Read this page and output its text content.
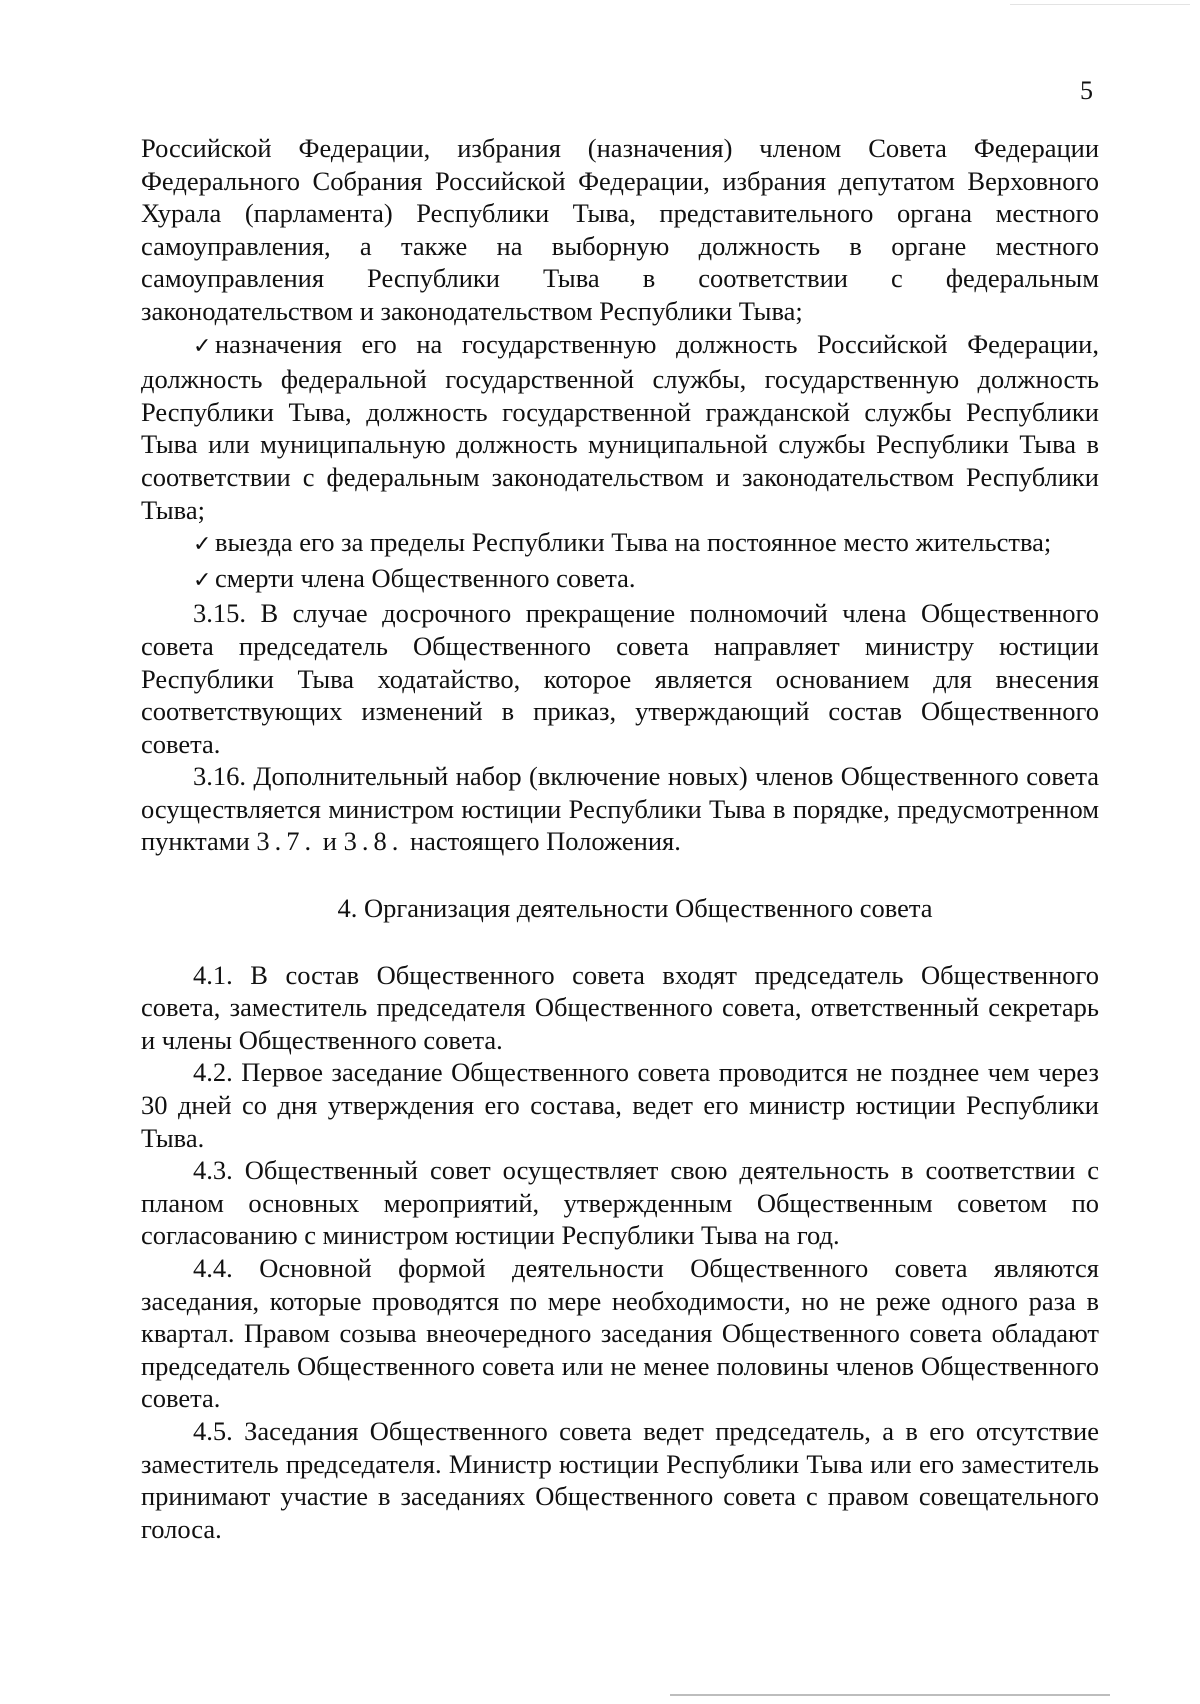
5

Российской Федерации, избрания (назначения) членом Совета Федерации Федерального Собрания Российской Федерации, избрания депутатом Верховного Хурала (парламента) Республики Тыва, представительного органа местного самоуправления, а также на выборную должность в органе местного самоуправления Республики Тыва в соответствии с федеральным законодательством и законодательством Республики Тыва;

✓ назначения его на государственную должность Российской Федерации, должность федеральной государственной службы, государственную должность Республики Тыва, должность государственной гражданской службы Республики Тыва или муниципальную должность муниципальной службы Республики Тыва в соответствии с федеральным законодательством и законодательством Республики Тыва;

✓ выезда его за пределы Республики Тыва на постоянное место жительства;

✓ смерти члена Общественного совета.

3.15. В случае досрочного прекращение полномочий члена Общественного совета председатель Общественного совета направляет министру юстиции Республики Тыва ходатайство, которое является основанием для внесения соответствующих изменений в приказ, утверждающий состав Общественного совета.

3.16. Дополнительный набор (включение новых) членов Общественного совета осуществляется министром юстиции Республики Тыва в порядке, предусмотренном пунктами 3.7. и 3.8. настоящего Положения.

4. Организация деятельности Общественного совета

4.1. В состав Общественного совета входят председатель Общественного совета, заместитель председателя Общественного совета, ответственный секретарь и члены Общественного совета.

4.2. Первое заседание Общественного совета проводится не позднее чем через 30 дней со дня утверждения его состава, ведет его министр юстиции Республики Тыва.

4.3. Общественный совет осуществляет свою деятельность в соответствии с планом основных мероприятий, утвержденным Общественным советом по согласованию с министром юстиции Республики Тыва на год.

4.4. Основной формой деятельности Общественного совета являются заседания, которые проводятся по мере необходимости, но не реже одного раза в квартал. Правом созыва внеочередного заседания Общественного совета обладают председатель Общественного совета или не менее половины членов Общественного совета.

4.5. Заседания Общественного совета ведет председатель, а в его отсутствие заместитель председателя. Министр юстиции Республики Тыва или его заместитель принимают участие в заседаниях Общественного совета с правом совещательного голоса.
